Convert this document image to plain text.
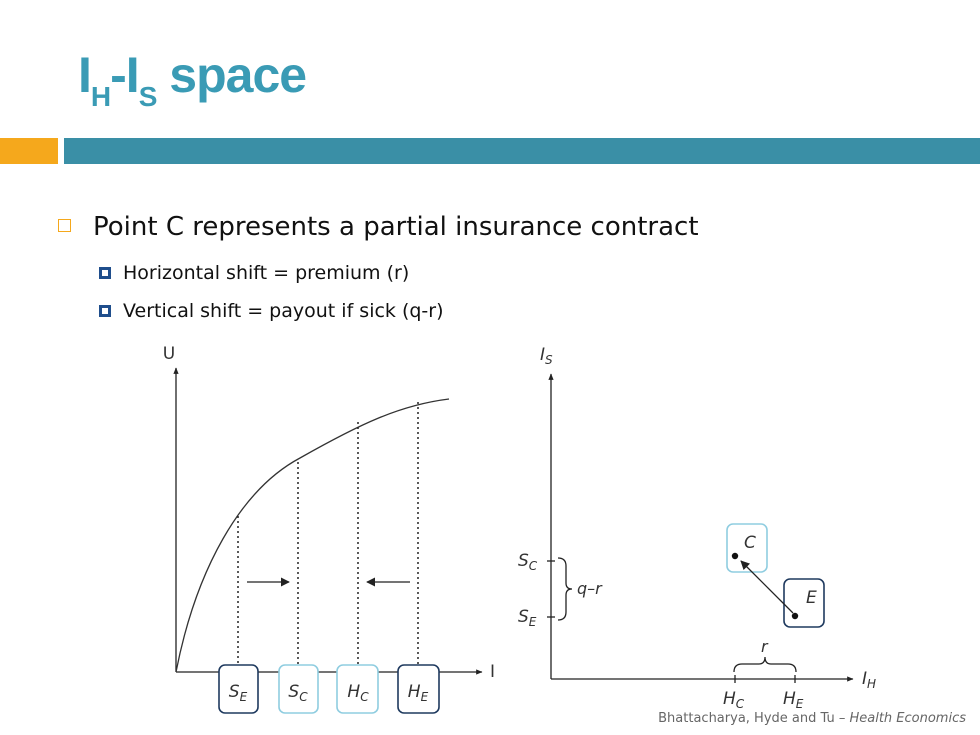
$I_H-I_S$ space
Point C represents a partial insurance contract
Horizontal shift = premium (r)
Vertical shift = payout if sick (q-r)
U
I
$S_E$ $S_C$ $H_C$ $H_E$
$I_S$
$I_H$
$S_C$
$S_E$
q–r
$H_C$ $H_E$
r
C
E
Bhattacharya, Hyde and Tu – Health Economics
